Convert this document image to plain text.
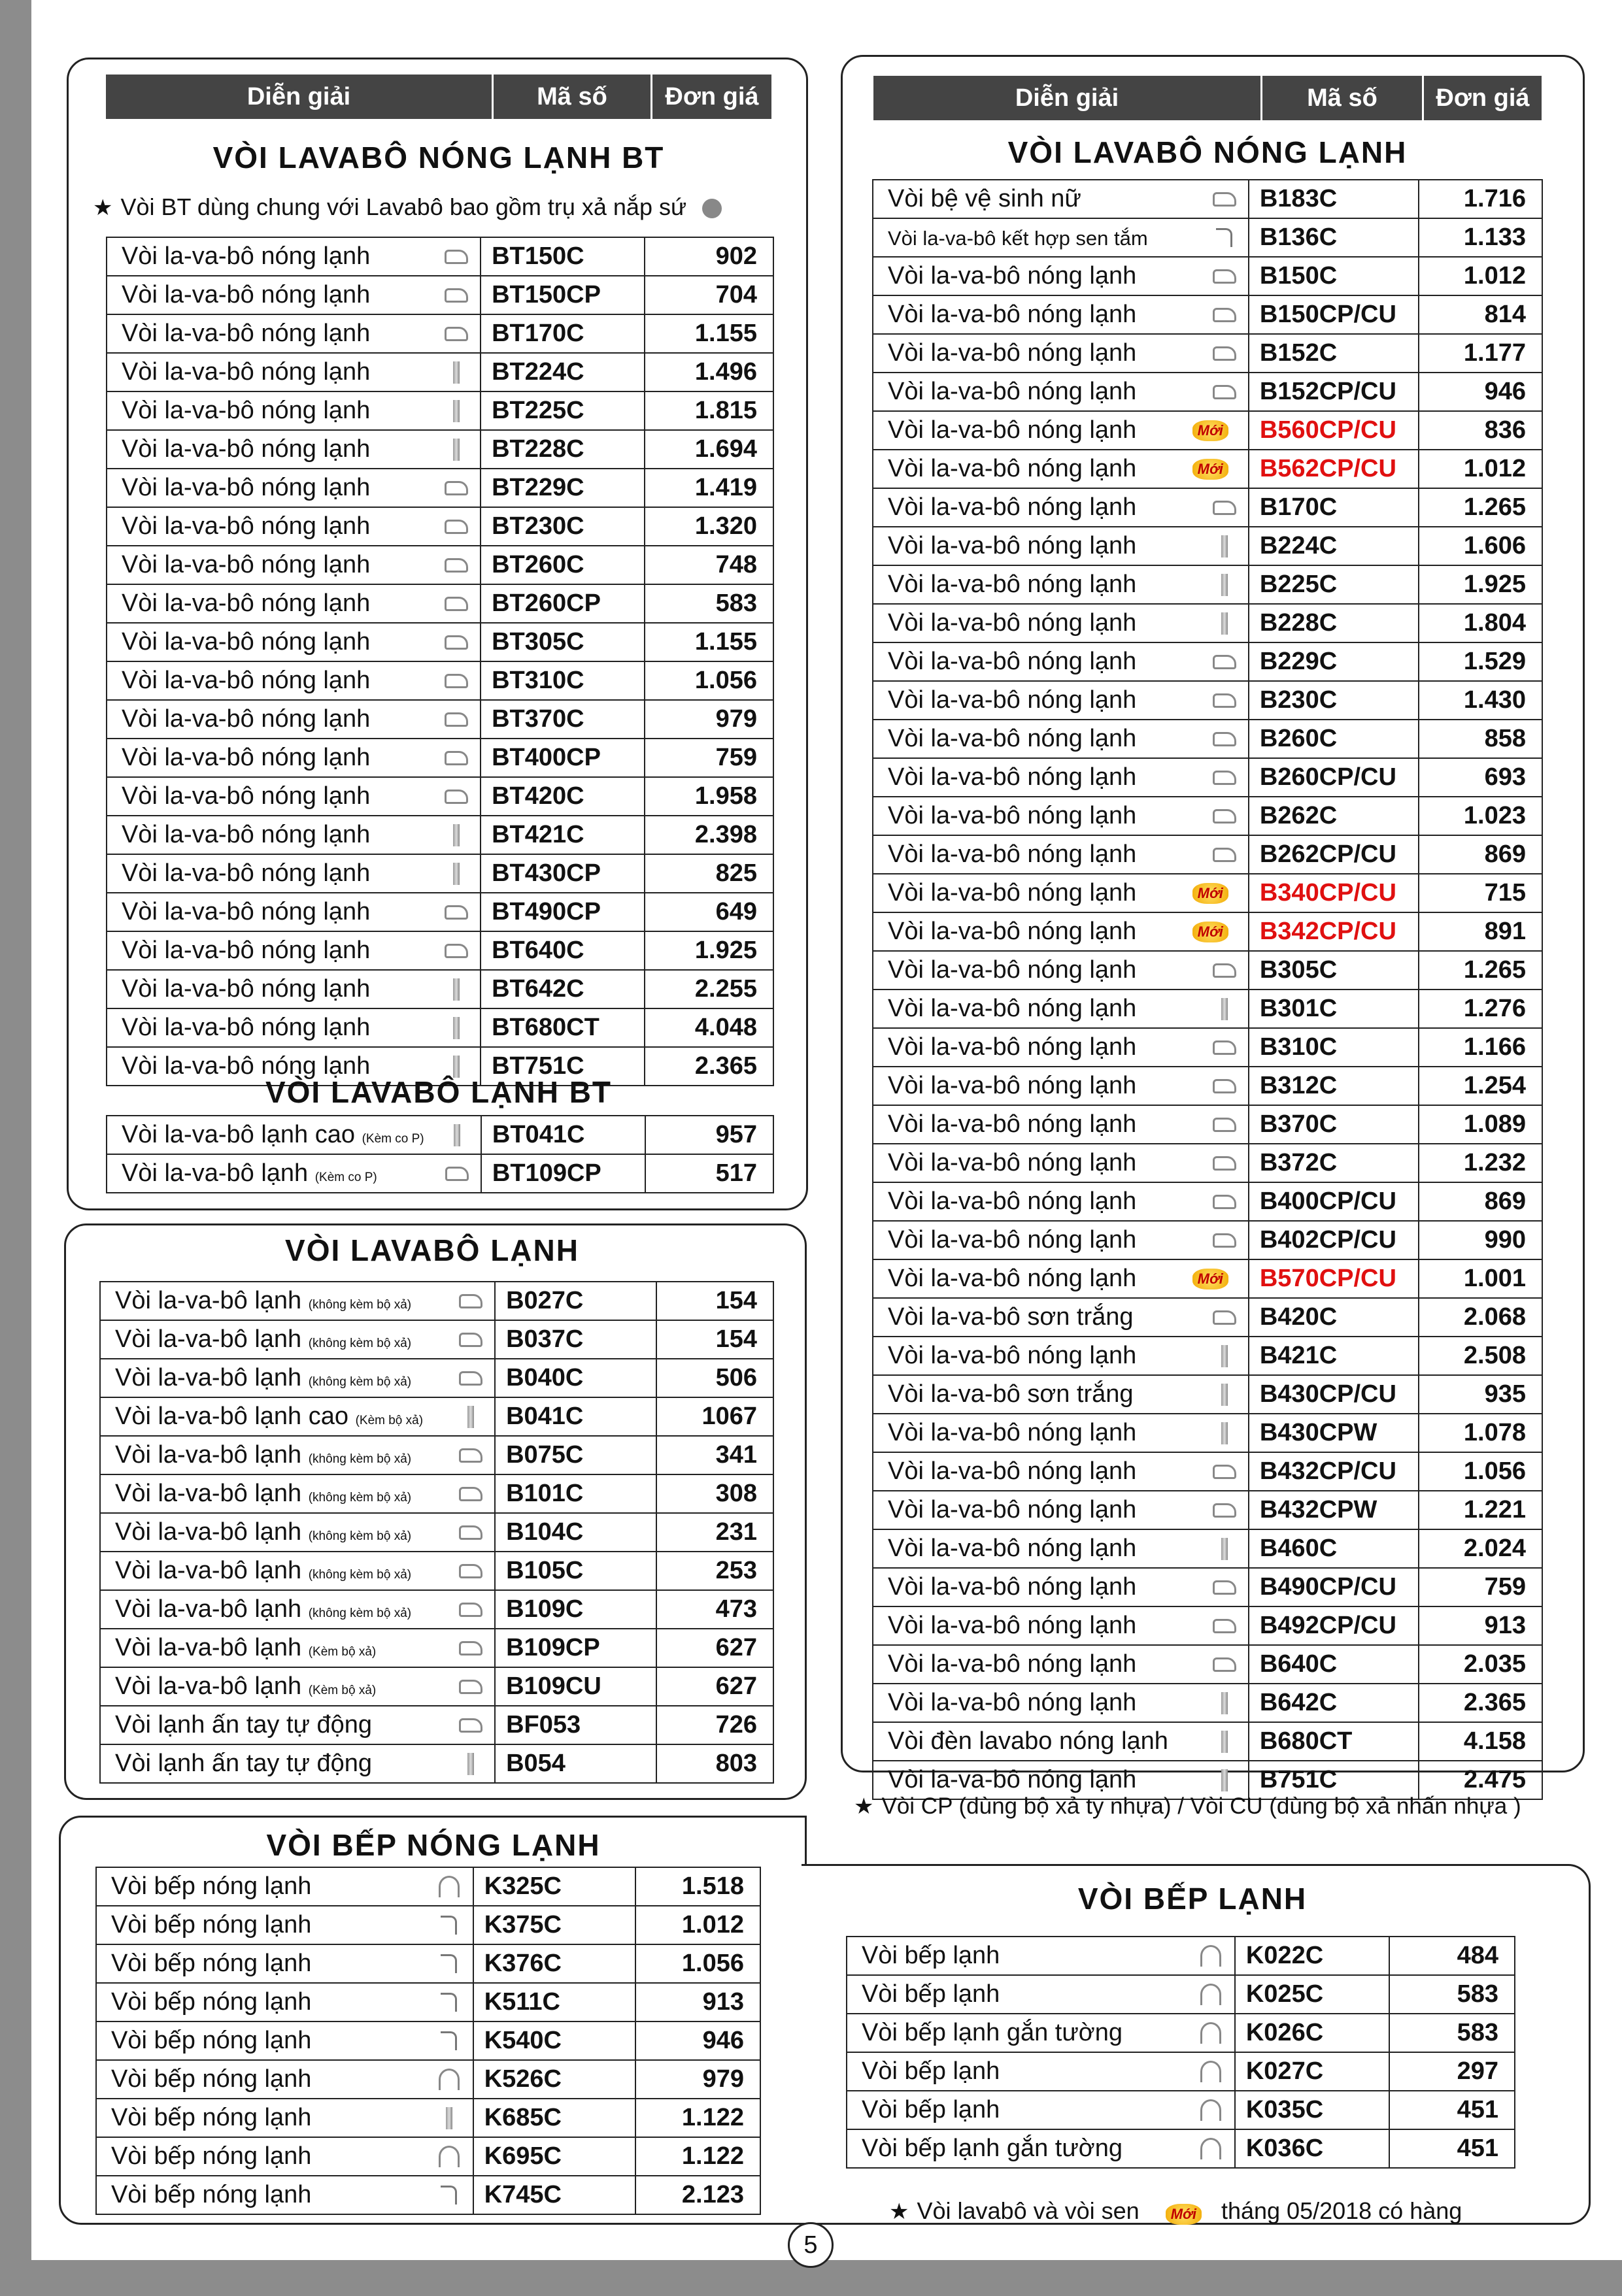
Diễn giải	Mã số	Đơn giá
VÒI LAVABÔ NÓNG LẠNH BT
★ Vòi BT dùng chung với Lavabô bao gồm trụ xả nắp sứ
Vòi la-va-bô nóng lạnh	BT150C	902

Vòi la-va-bô nóng lạnh	BT150CP	704

Vòi la-va-bô nóng lạnh	BT170C	1.155

Vòi la-va-bô nóng lạnh	BT224C	1.496

Vòi la-va-bô nóng lạnh	BT225C	1.815

Vòi la-va-bô nóng lạnh	BT228C	1.694

Vòi la-va-bô nóng lạnh	BT229C	1.419

Vòi la-va-bô nóng lạnh	BT230C	1.320

Vòi la-va-bô nóng lạnh	BT260C	748

Vòi la-va-bô nóng lạnh	BT260CP	583

Vòi la-va-bô nóng lạnh	BT305C	1.155

Vòi la-va-bô nóng lạnh	BT310C	1.056

Vòi la-va-bô nóng lạnh	BT370C	979

Vòi la-va-bô nóng lạnh	BT400CP	759

Vòi la-va-bô nóng lạnh	BT420C	1.958

Vòi la-va-bô nóng lạnh	BT421C	2.398

Vòi la-va-bô nóng lạnh	BT430CP	825

Vòi la-va-bô nóng lạnh	BT490CP	649

Vòi la-va-bô nóng lạnh	BT640C	1.925

Vòi la-va-bô nóng lạnh	BT642C	2.255

Vòi la-va-bô nóng lạnh	BT680CT	4.048

Vòi la-va-bô nóng lạnh	BT751C	2.365
VÒI LAVABÔ LẠNH BT
Vòi la-va-bô lạnh cao (Kèm co P)	BT041C	957

Vòi la-va-bô lạnh (Kèm co P)	BT109CP	517
VÒI LAVABÔ LẠNH
Vòi la-va-bô lạnh (không kèm bộ xả)	B027C	154

Vòi la-va-bô lạnh (không kèm bộ xả)	B037C	154

Vòi la-va-bô lạnh (không kèm bộ xả)	B040C	506

Vòi la-va-bô lạnh cao (Kèm bộ xả)	B041C	1067

Vòi la-va-bô lạnh (không kèm bộ xả)	B075C	341

Vòi la-va-bô lạnh (không kèm bộ xả)	B101C	308

Vòi la-va-bô lạnh (không kèm bộ xả)	B104C	231

Vòi la-va-bô lạnh (không kèm bộ xả)	B105C	253

Vòi la-va-bô lạnh (không kèm bộ xả)	B109C	473

Vòi la-va-bô lạnh (Kèm bộ xả)	B109CP	627

Vòi la-va-bô lạnh (Kèm bộ xả)	B109CU	627

Vòi lạnh ấn tay tự động	BF053	726

Vòi lạnh ấn tay tự động	B054	803
VÒI BẾP NÓNG LẠNH
Vòi bếp nóng lạnh	K325C	1.518

Vòi bếp nóng lạnh	K375C	1.012

Vòi bếp nóng lạnh	K376C	1.056

Vòi bếp nóng lạnh	K511C	913

Vòi bếp nóng lạnh	K540C	946

Vòi bếp nóng lạnh	K526C	979

Vòi bếp nóng lạnh	K685C	1.122

Vòi bếp nóng lạnh	K695C	1.122

Vòi bếp nóng lạnh	K745C	2.123
Diễn giải	Mã số	Đơn giá
VÒI LAVABÔ NÓNG LẠNH
Vòi bệ vệ sinh nữ	B183C	1.716

Vòi la-va-bô kết hợp sen tắm	B136C	1.133

Vòi la-va-bô nóng lạnh	B150C	1.012

Vòi la-va-bô nóng lạnh	B150CP/CU	814

Vòi la-va-bô nóng lạnh	B152C	1.177

Vòi la-va-bô nóng lạnh	B152CP/CU	946

Vòi la-va-bô nóng lạnh Mới	B560CP/CU	836

Vòi la-va-bô nóng lạnh Mới	B562CP/CU	1.012

Vòi la-va-bô nóng lạnh	B170C	1.265

Vòi la-va-bô nóng lạnh	B224C	1.606

Vòi la-va-bô nóng lạnh	B225C	1.925

Vòi la-va-bô nóng lạnh	B228C	1.804

Vòi la-va-bô nóng lạnh	B229C	1.529

Vòi la-va-bô nóng lạnh	B230C	1.430

Vòi la-va-bô nóng lạnh	B260C	858

Vòi la-va-bô nóng lạnh	B260CP/CU	693

Vòi la-va-bô nóng lạnh	B262C	1.023

Vòi la-va-bô nóng lạnh	B262CP/CU	869

Vòi la-va-bô nóng lạnh Mới	B340CP/CU	715

Vòi la-va-bô nóng lạnh Mới	B342CP/CU	891

Vòi la-va-bô nóng lạnh	B305C	1.265

Vòi la-va-bô nóng lạnh	B301C	1.276

Vòi la-va-bô nóng lạnh	B310C	1.166

Vòi la-va-bô nóng lạnh	B312C	1.254

Vòi la-va-bô nóng lạnh	B370C	1.089

Vòi la-va-bô nóng lạnh	B372C	1.232

Vòi la-va-bô nóng lạnh	B400CP/CU	869

Vòi la-va-bô nóng lạnh	B402CP/CU	990

Vòi la-va-bô nóng lạnh Mới	B570CP/CU	1.001

Vòi la-va-bô sơn trắng	B420C	2.068

Vòi la-va-bô nóng lạnh	B421C	2.508

Vòi la-va-bô sơn trắng	B430CP/CU	935

Vòi la-va-bô nóng lạnh	B430CPW	1.078

Vòi la-va-bô nóng lạnh	B432CP/CU	1.056

Vòi la-va-bô nóng lạnh	B432CPW	1.221

Vòi la-va-bô nóng lạnh	B460C	2.024

Vòi la-va-bô nóng lạnh	B490CP/CU	759

Vòi la-va-bô nóng lạnh	B492CP/CU	913

Vòi la-va-bô nóng lạnh	B640C	2.035

Vòi la-va-bô nóng lạnh	B642C	2.365

Vòi đèn lavabo nóng lạnh	B680CT	4.158

Vòi la-va-bô nóng lạnh	B751C	2.475
★ Vòi CP (dùng bộ xả ty nhựa) / Vòi CU (dùng bộ xả nhấn nhựa )
VÒI BẾP LẠNH
Vòi bếp lạnh	K022C	484

Vòi bếp lạnh	K025C	583

Vòi bếp lạnh gắn tường	K026C	583

Vòi bếp lạnh	K027C	297

Vòi bếp lạnh	K035C	451

Vòi bếp lạnh gắn tường	K036C	451
★ Vòi lavabô và vòi sen Mới tháng 05/2018 có hàng
5
